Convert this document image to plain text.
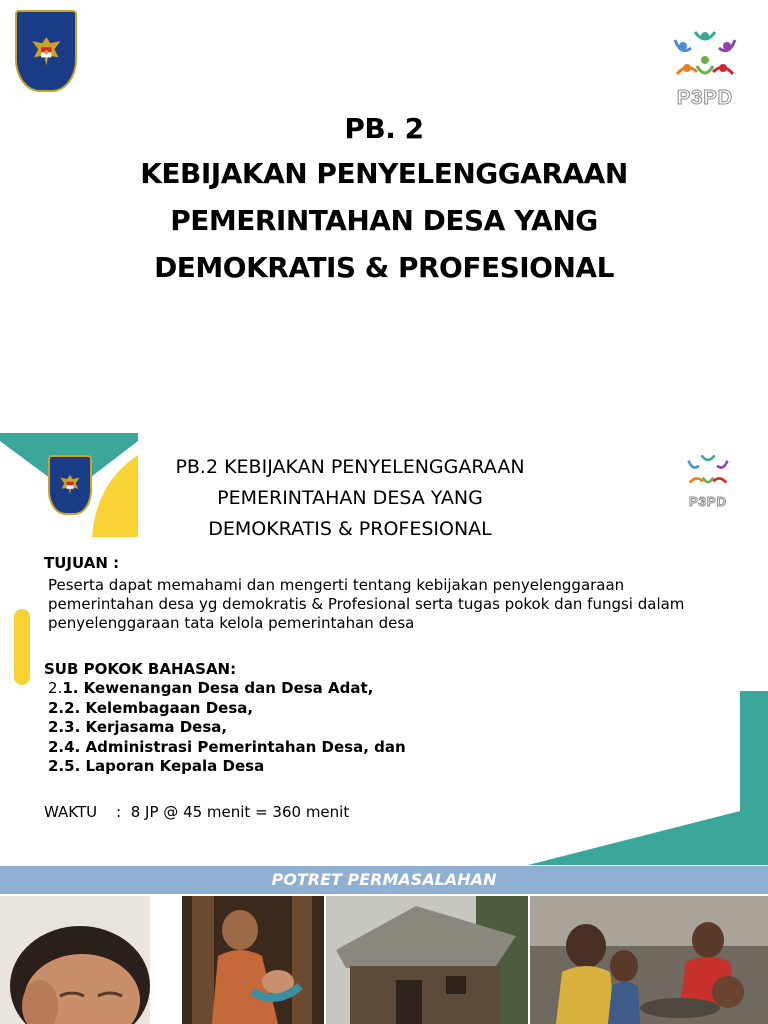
P3PD
PB. 2
KEBIJAKAN PENYELENGGARAAN
PEMERINTAHAN DESA YANG
DEMOKRATIS & PROFESIONAL
P3PD
PB.2 KEBIJAKAN PENYELENGGARAAN
PEMERINTAHAN DESA YANG
DEMOKRATIS & PROFESIONAL
TUJUAN :
Peserta dapat memahami dan mengerti tentang kebijakan penyelenggaraan
pemerintahan desa yg demokratis & Profesional serta tugas pokok dan fungsi dalam
penyelenggaraan tata kelola pemerintahan desa
SUB POKOK BAHASAN:
2.1. Kewenangan Desa dan Desa Adat,
2.2. Kelembagaan Desa,
2.3. Kerjasama Desa,
2.4. Administrasi Pemerintahan Desa, dan
2.5. Laporan Kepala Desa
WAKTU    :  8 JP @ 45 menit = 360 menit
POTRET PERMASALAHAN
